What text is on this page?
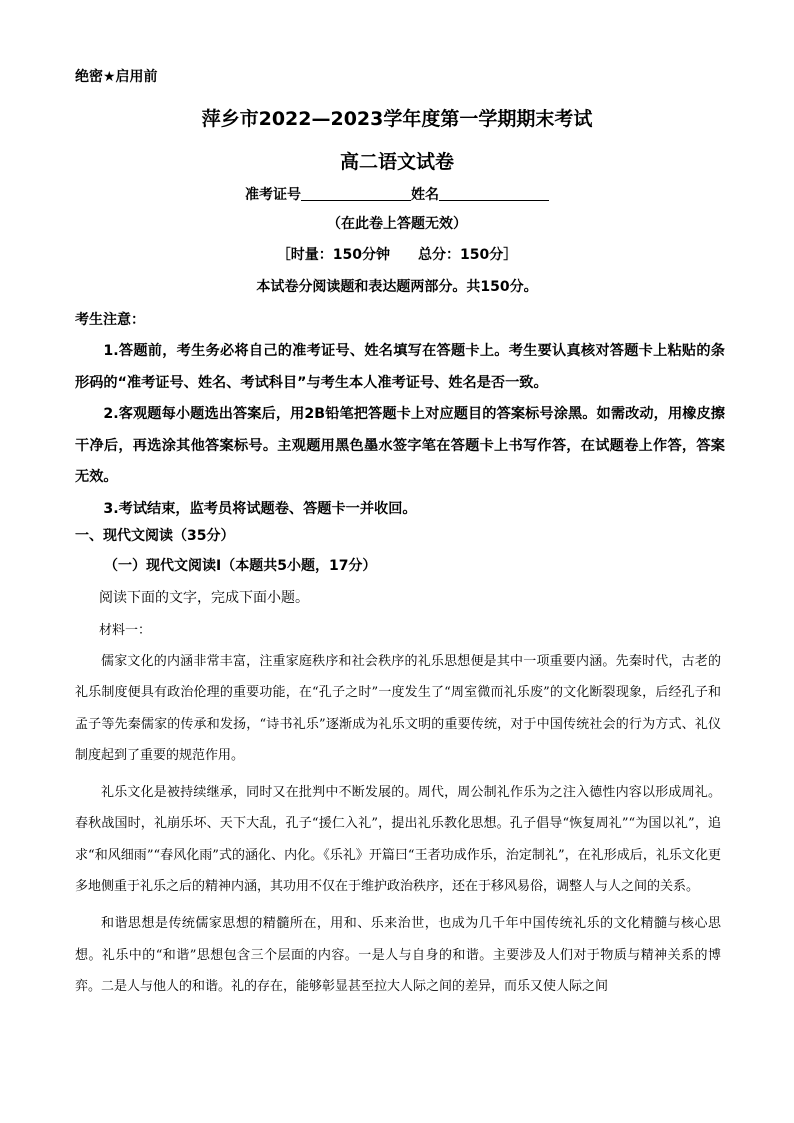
绝密★启用前
萍乡市2022—2023学年度第一学期期末考试
高二语文试卷
准考证号	姓名
（在此卷上答题无效）
［时量：150分钟　　总分：150分］
本试卷分阅读题和表达题两部分。共150分。
考生注意：

1.答题前，考生务必将自己的准考证号、姓名填写在答题卡上。考生要认真核对答题卡上粘贴的条形码的“准考证号、姓名、考试科目”与考生本人准考证号、姓名是否一致。

2.客观题每小题选出答案后，用2B铅笔把答题卡上对应题目的答案标号涂黑。如需改动，用橡皮擦干净后，再选涂其他答案标号。主观题用黑色墨水签字笔在答题卡上书写作答，在试题卷上作答，答案无效。

3.考试结束，监考员将试题卷、答题卡一并收回。

一、现代文阅读（35分）
（一）现代文阅读Ⅰ（本题共5小题，17分）
阅读下面的文字，完成下面小题。
材料一：

儒家文化的内涵非常丰富，注重家庭秩序和社会秩序的礼乐思想便是其中一项重要内涵。先秦时代，古老的礼乐制度便具有政治伦理的重要功能，在“孔子之时”一度发生了“周室微而礼乐废”的文化断裂现象，后经孔子和孟子等先秦儒家的传承和发扬，“诗书礼乐”逐渐成为礼乐文明的重要传统，对于中国传统社会的行为方式、礼仪制度起到了重要的规范作用。

礼乐文化是被持续继承，同时又在批判中不断发展的。周代，周公制礼作乐为之注入德性内容以形成周礼。春秋战国时，礼崩乐坏、天下大乱，孔子“援仁入礼”，提出礼乐教化思想。孔子倡导“恢复周礼”“为国以礼”，追求“和风细雨”“春风化雨”式的涵化、内化。《乐礼》开篇曰“王者功成作乐，治定制礼”，在礼形成后，礼乐文化更多地侧重于礼乐之后的精神内涵，其功用不仅在于维护政治秩序，还在于移风易俗，调整人与人之间的关系。

和谐思想是传统儒家思想的精髓所在，用和、乐来治世，也成为几千年中国传统礼乐的文化精髓与核心思想。礼乐中的“和谐”思想包含三个层面的内容。一是人与自身的和谐。主要涉及人们对于物质与精神关系的博弈。二是人与他人的和谐。礼的存在，能够彰显甚至拉大人际之间的差异，而乐又使人际之间
